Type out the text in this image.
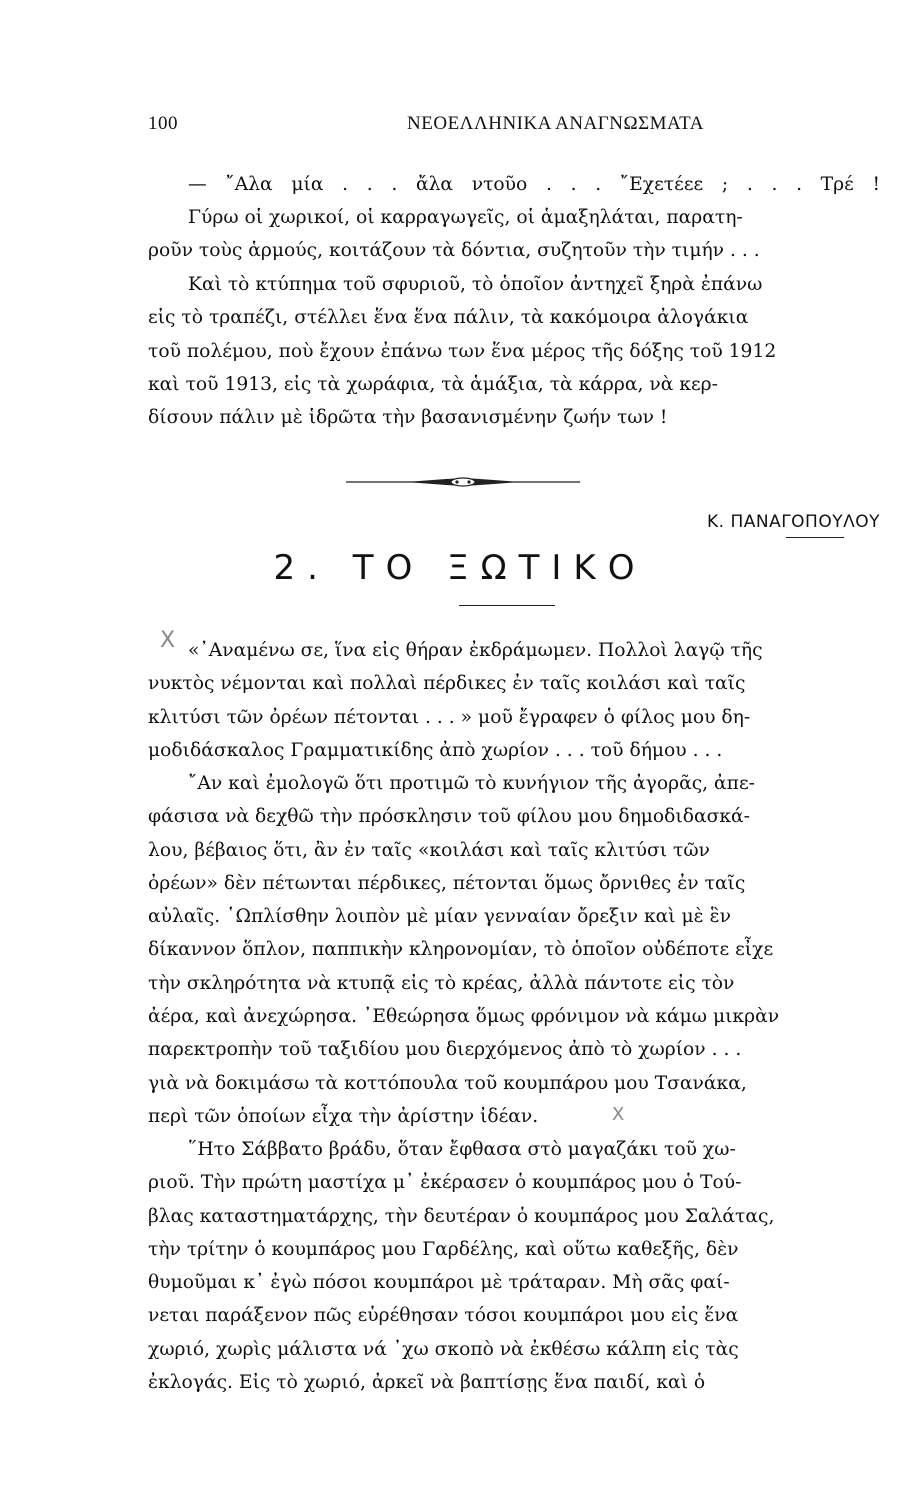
100	ΝΕΟΕΛΛΗΝΙΚΑ ΑΝΑΓΝΩΣΜΑΤΑ
— ῎Αλα μία . . . ἄλα ντοῦο . . . ῎Εχετέεε ; . . . Τρέ !
Γύρω οἱ χωρικοί, οἱ καρραγωγεῖς, οἱ ἁμαξηλάται, παρατη-
ροῦν τοὺς ἁρμούς, κοιτάζουν τὰ δόντια, συζητοῦν τὴν τιμήν . . .
Καὶ τὸ κτύπημα τοῦ σφυριοῦ, τὸ ὁποῖον ἀντηχεῖ ξηρὰ ἐπάνω
εἰς τὸ τραπέζι, στέλλει ἕνα ἕνα πάλιν, τὰ κακόμοιρα ἀλογάκια
τοῦ πολέμου, ποὺ ἔχουν ἐπάνω των ἕνα μέρος τῆς δόξης τοῦ 1912
καὶ τοῦ 1913, εἰς τὰ χωράφια, τὰ ἁμάξια, τὰ κάρρα, νὰ κερ-
δίσουν πάλιν μὲ ἱδρῶτα τὴν βασανισμένην ζωήν των !
Κ. ΠΑΝΑΓΟΠΟΥΛΟΥ
2. ΤΟ ΞΩΤΙΚΟ
«᾿Αναμένω σε, ἵνα εἰς θήραν ἐκδράμωμεν. Πολλοὶ λαγῷ τῆς
νυκτὸς νέμονται καὶ πολλαὶ πέρδικες ἐν ταῖς κοιλάσι καὶ ταῖς
κλιτύσι τῶν ὀρέων πέτονται . . . » μοῦ ἔγραφεν ὁ φίλος μου δη-
μοδιδάσκαλος Γραμματικίδης ἀπὸ χωρίον . . . τοῦ δήμου . . .
῎Αν καὶ ἐμολογῶ ὅτι προτιμῶ τὸ κυνήγιον τῆς ἀγορᾶς, ἀπε-
φάσισα νὰ δεχθῶ τὴν πρόσκλησιν τοῦ φίλου μου δημοδιδασκά-
λου, βέβαιος ὅτι, ἂν ἐν ταῖς «κοιλάσι καὶ ταῖς κλιτύσι τῶν
ὀρέων» δὲν πέτωνται πέρδικες, πέτονται ὅμως ὄρνιθες ἐν ταῖς
αὐλαῖς. ῾Ωπλίσθην λοιπὸν μὲ μίαν γενναίαν ὄρεξιν καὶ μὲ ἓν
δίκαννον ὅπλον, παππικὴν κληρονομίαν, τὸ ὁποῖον οὐδέποτε εἶχε
τὴν σκληρότητα νὰ κτυπᾷ εἰς τὸ κρέας, ἀλλὰ πάντοτε εἰς τὸν
ἀέρα, καὶ ἀνεχώρησα. ᾿Εθεώρησα ὅμως φρόνιμον νὰ κάμω μικρὰν
παρεκτροπὴν τοῦ ταξιδίου μου διερχόμενος ἀπὸ τὸ χωρίον . . .
γιὰ νὰ δοκιμάσω τὰ κοττόπουλα τοῦ κουμπάρου μου Τσανάκα,
περὶ τῶν ὁποίων εἶχα τὴν ἀρίστην ἰδέαν.
῞Ητο Σάββατο βράδυ, ὅταν ἔφθασα στὸ μαγαζάκι τοῦ χω-
ριοῦ. Τὴν πρώτη μαστίχα μ᾿ ἐκέρασεν ὁ κουμπάρος μου ὁ Τού-
βλας καταστηματάρχης, τὴν δευτέραν ὁ κουμπάρος μου Σαλάτας,
τὴν τρίτην ὁ κουμπάρος μου Γαρδέλης, καὶ οὕτω καθεξῆς, δὲν
θυμοῦμαι κ᾿ ἐγὼ πόσοι κουμπάροι μὲ τράταραν. Μὴ σᾶς φαί-
νεται παράξενον πῶς εὑρέθησαν τόσοι κουμπάροι μου εἰς ἕνα
χωριό, χωρὶς μάλιστα νά ᾿χω σκοπὸ νὰ ἐκθέσω κάλπη εἰς τὰς
ἐκλογάς. Εἰς τὸ χωριό, ἀρκεῖ νὰ βαπτίσῃς ἕνα παιδί, καὶ ὁ
X
X
